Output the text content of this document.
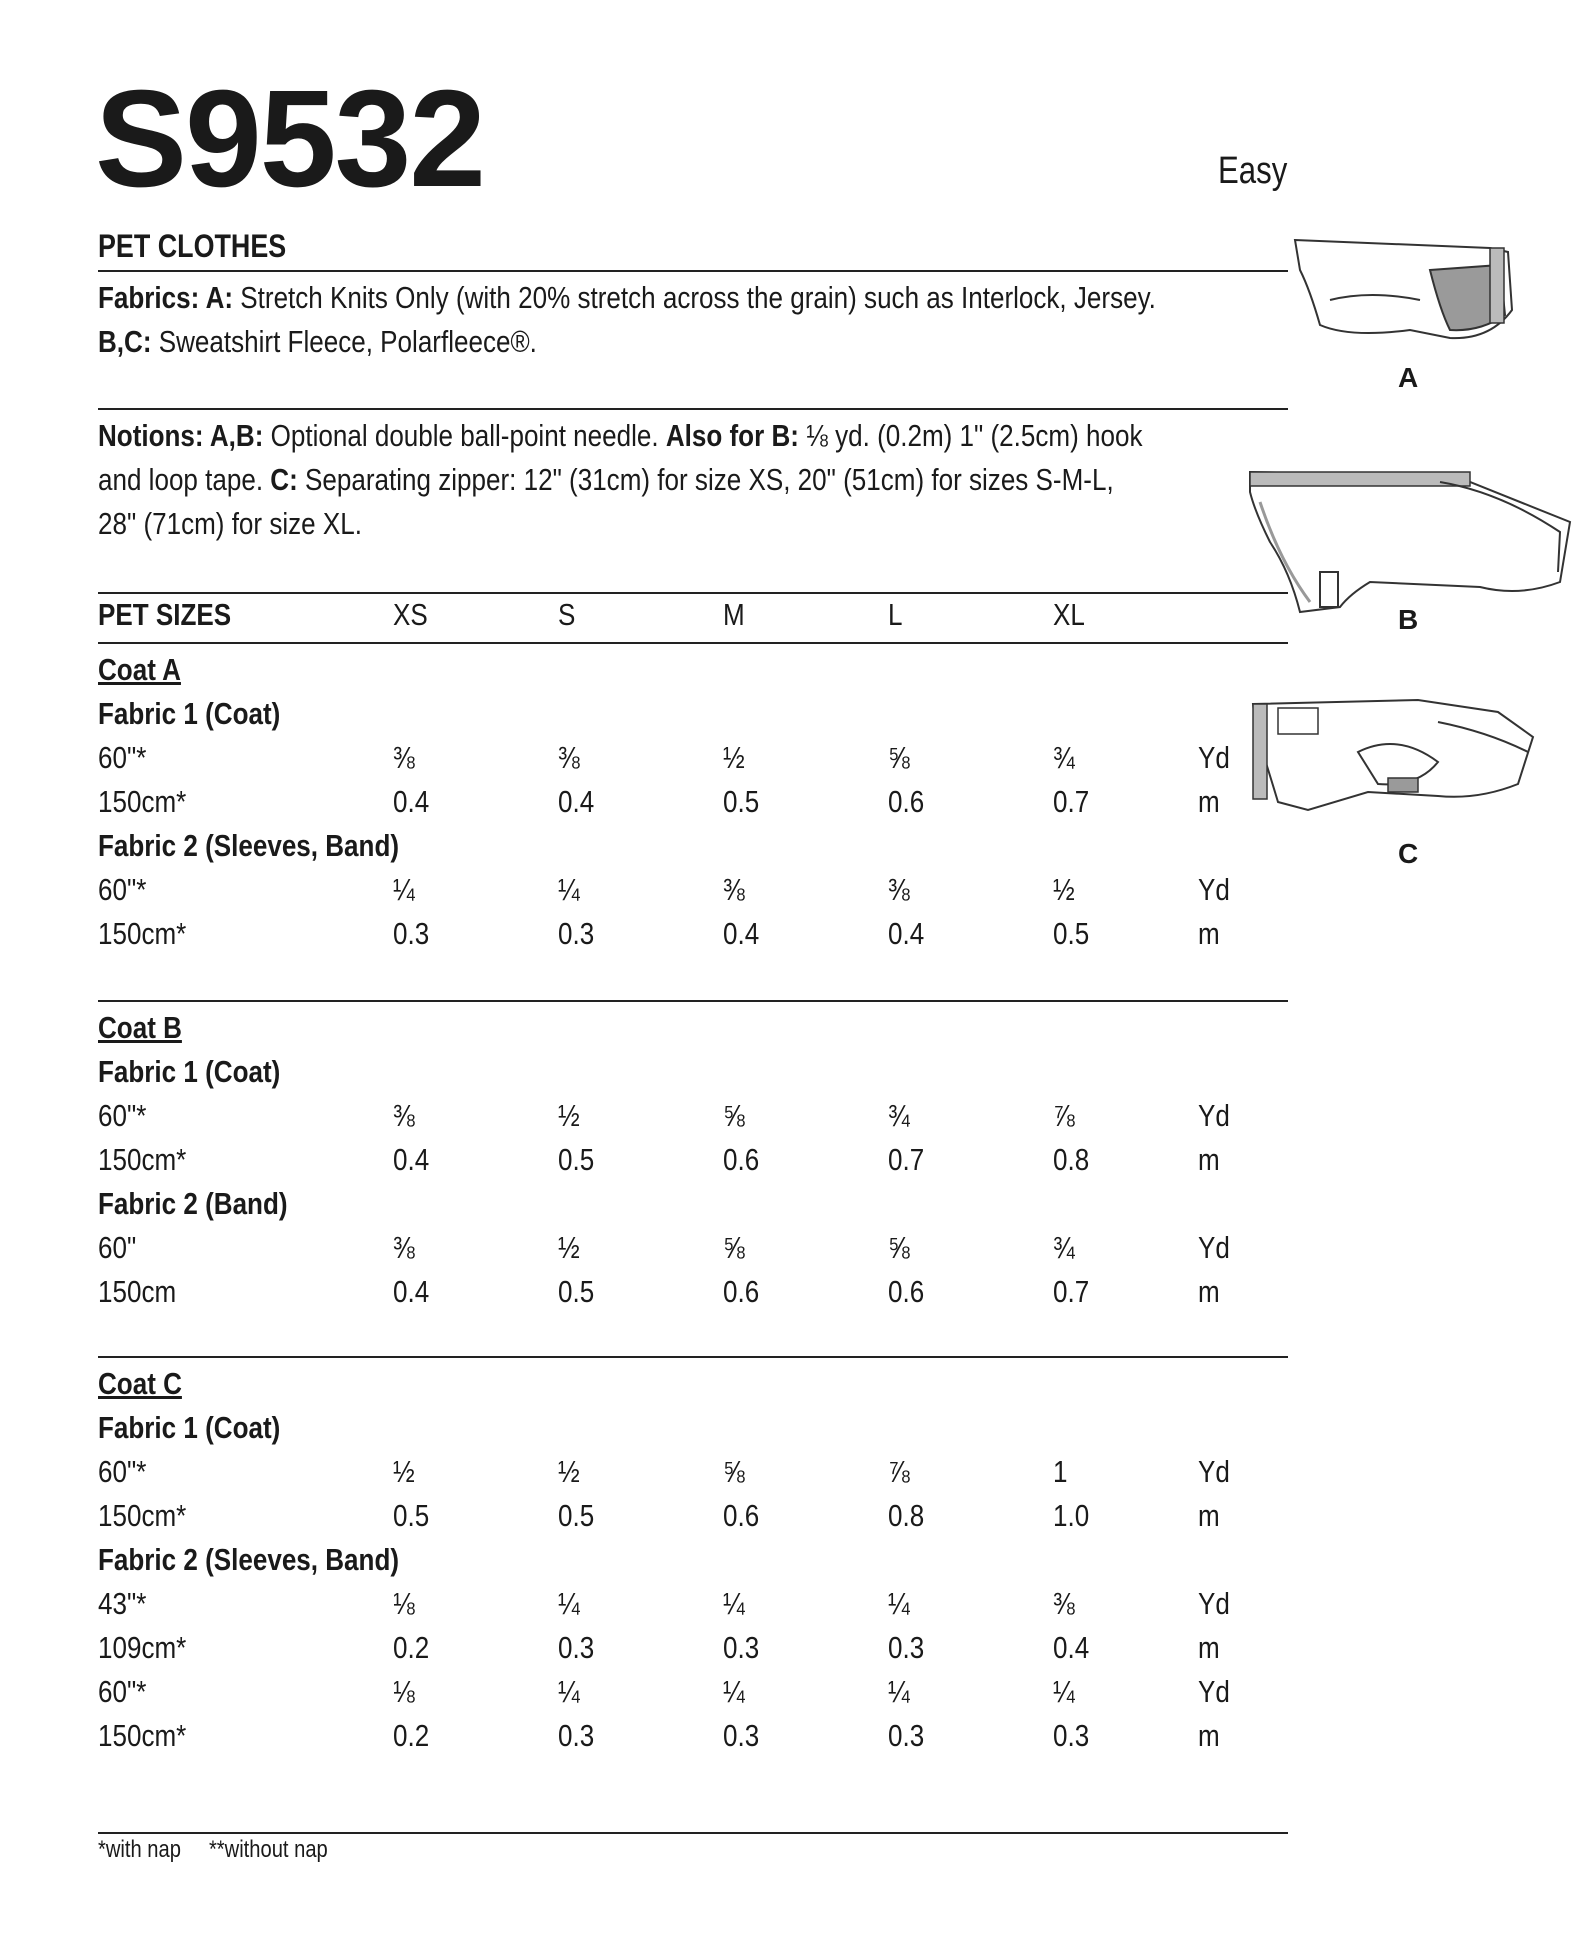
S9532	Easy
PET CLOTHES
Fabrics: A: Stretch Knits Only (with 20% stretch across the grain) such as Interlock, Jersey.
B,C: Sweatshirt Fleece, Polarfleece®.
Notions: A,B: Optional double ball-point needle. Also for B: ⅛ yd. (0.2m) 1" (2.5cm) hook
and loop tape. C: Separating zipper: 12" (31cm) for size XS, 20" (51cm) for sizes S-M-L,
28" (71cm) for size XL.
PET SIZES	XS	S	M	L	XL
Coat A
Fabric 1 (Coat)
60"*	⅜	⅜	½	⅝	¾	Yd
150cm*	0.4	0.4	0.5	0.6	0.7	m
Fabric 2 (Sleeves, Band)
60"*	¼	¼	⅜	⅜	½	Yd
150cm*	0.3	0.3	0.4	0.4	0.5	m
Coat B
Fabric 1 (Coat)
60"*	⅜	½	⅝	¾	⅞	Yd
150cm*	0.4	0.5	0.6	0.7	0.8	m
Fabric 2 (Band)
60"	⅜	½	⅝	⅝	¾	Yd
150cm	0.4	0.5	0.6	0.6	0.7	m
Coat C
Fabric 1 (Coat)
60"*	½	½	⅝	⅞	1	Yd
150cm*	0.5	0.5	0.6	0.8	1.0	m
Fabric 2 (Sleeves, Band)
43"*	⅛	¼	¼	¼	⅜	Yd
109cm*	0.2	0.3	0.3	0.3	0.4	m
60"*	⅛	¼	¼	¼	¼	Yd
150cm*	0.2	0.3	0.3	0.3	0.3	m
*with nap **without nap
A
B
C
